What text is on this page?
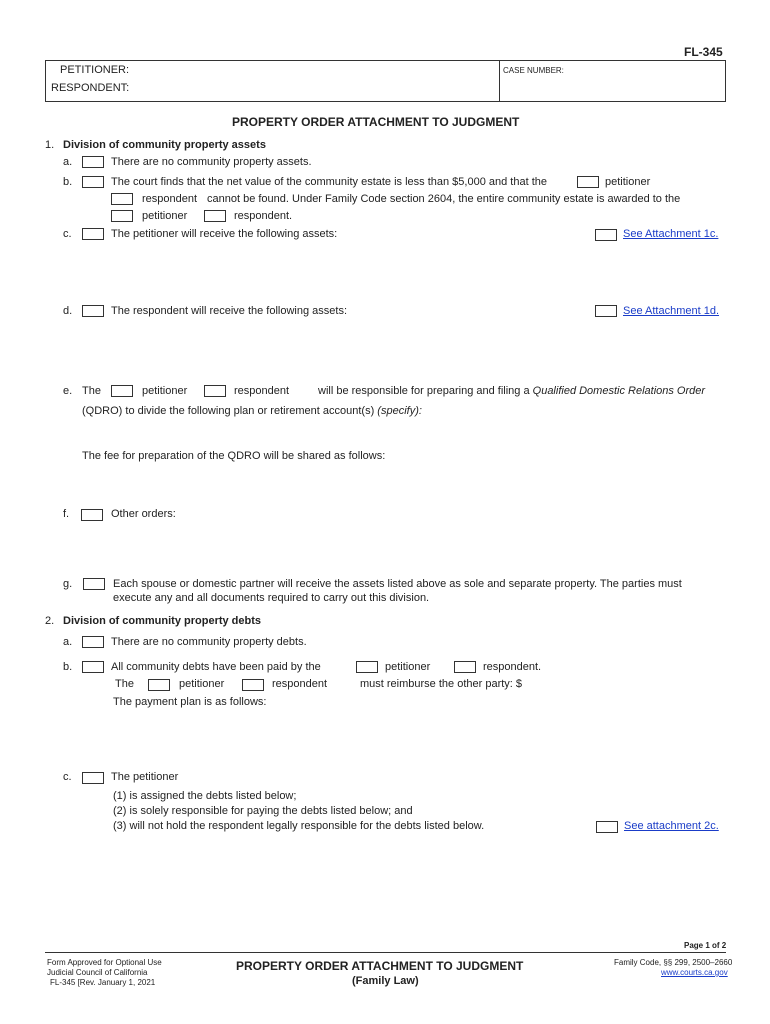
FL-345
PETITIONER:
RESPONDENT:
CASE NUMBER:
PROPERTY ORDER ATTACHMENT TO JUDGMENT
1. Division of community property assets
a.	There are no community property assets.
b.	The court finds that the net value of the community estate is less than $5,000 and that the	petitioner
respondent cannot be found. Under Family Code section 2604, the entire community estate is awarded to the
petitioner	respondent.
c.	The petitioner will receive the following assets:	See Attachment 1c.
d.	The respondent will receive the following assets:	See Attachment 1d.
e. The	petitioner	respondent	will be responsible for preparing and filing a Qualified Domestic Relations Order
(QDRO) to divide the following plan or retirement account(s) (specify):
The fee for preparation of the QDRO will be shared as follows:
f.	Other orders:
g.	Each spouse or domestic partner will receive the assets listed above as sole and separate property. The parties must
execute any and all documents required to carry out this division.
2. Division of community property debts
a.	There are no community property debts.
b.	All community debts have been paid by the	petitioner	respondent.
The	petitioner	respondent	must reimburse the other party: $
The payment plan is as follows:
c.	The petitioner
(1) is assigned the debts listed below;
(2) is solely responsible for paying the debts listed below; and
(3) will not hold the respondent legally responsible for the debts listed below.	See attachment 2c.
Page 1 of 2
Form Approved for Optional Use
Judicial Council of California
FL-345 [Rev. January 1, 2021
PROPERTY ORDER ATTACHMENT TO JUDGMENT
(Family Law)
Family Code, §§ 299, 2500–2660
www.courts.ca.gov
